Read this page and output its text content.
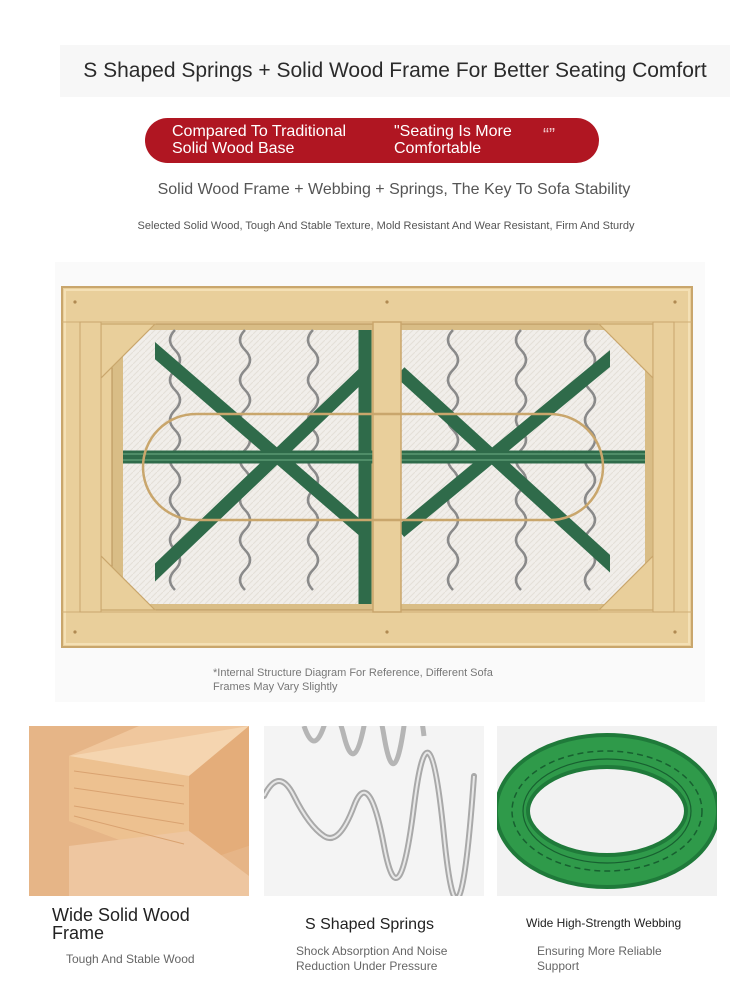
S Shaped Springs + Solid Wood Frame For Better Seating Comfort
Compared To Traditional
Solid Wood Base
"Seating Is More
Comfortable
“”
Solid Wood Frame + Webbing + Springs, The Key To Sofa Stability
Selected Solid Wood, Tough And Stable Texture, Mold Resistant And Wear Resistant, Firm And Sturdy
*Internal Structure Diagram For Reference, Different Sofa
Frames May Vary Slightly
Wide Solid Wood
Frame
Tough And Stable Wood
S Shaped Springs
Shock Absorption And Noise
Reduction Under Pressure
Wide High-Strength Webbing
Ensuring More Reliable
Support
